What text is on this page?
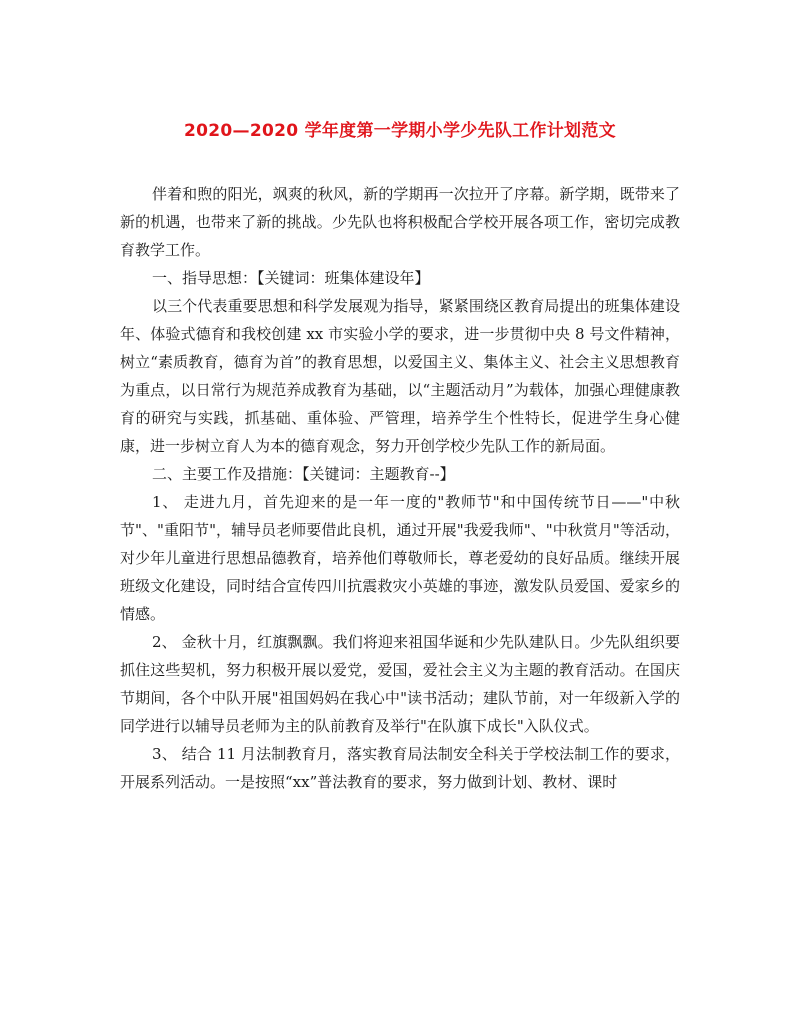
2020—2020 学年度第一学期小学少先队工作计划范文

伴着和煦的阳光，飒爽的秋风，新的学期再一次拉开了序幕。新学期，既带来了新的机遇，也带来了新的挑战。少先队也将积极配合学校开展各项工作，密切完成教育教学工作。

一、指导思想：【关键词：班集体建设年】

以三个代表重要思想和科学发展观为指导，紧紧围绕区教育局提出的班集体建设年、体验式德育和我校创建 xx 市实验小学的要求，进一步贯彻中央 8 号文件精神，树立“素质教育，德育为首”的教育思想，以爱国主义、集体主义、社会主义思想教育为重点，以日常行为规范养成教育为基础，以“主题活动月”为载体，加强心理健康教育的研究与实践，抓基础、重体验、严管理，培养学生个性特长，促进学生身心健康，进一步树立育人为本的德育观念，努力开创学校少先队工作的新局面。

二、主要工作及措施：【关键词：主题教育--】

1、 走进九月，首先迎来的是一年一度的"教师节"和中国传统节日——"中秋节"、"重阳节"，辅导员老师要借此良机，通过开展"我爱我师"、"中秋赏月"等活动，对少年儿童进行思想品德教育，培养他们尊敬师长，尊老爱幼的良好品质。继续开展班级文化建设，同时结合宣传四川抗震救灾小英雄的事迹，激发队员爱国、爱家乡的情感。

2、 金秋十月，红旗飘飘。我们将迎来祖国华诞和少先队建队日。少先队组织要抓住这些契机，努力积极开展以爱党，爱国，爱社会主义为主题的教育活动。在国庆节期间，各个中队开展"祖国妈妈在我心中"读书活动；建队节前，对一年级新入学的同学进行以辅导员老师为主的队前教育及举行"在队旗下成长"入队仪式。

3、 结合 11 月法制教育月，落实教育局法制安全科关于学校法制工作的要求，开展系列活动。一是按照“xx”普法教育的要求，努力做到计划、教材、课时
